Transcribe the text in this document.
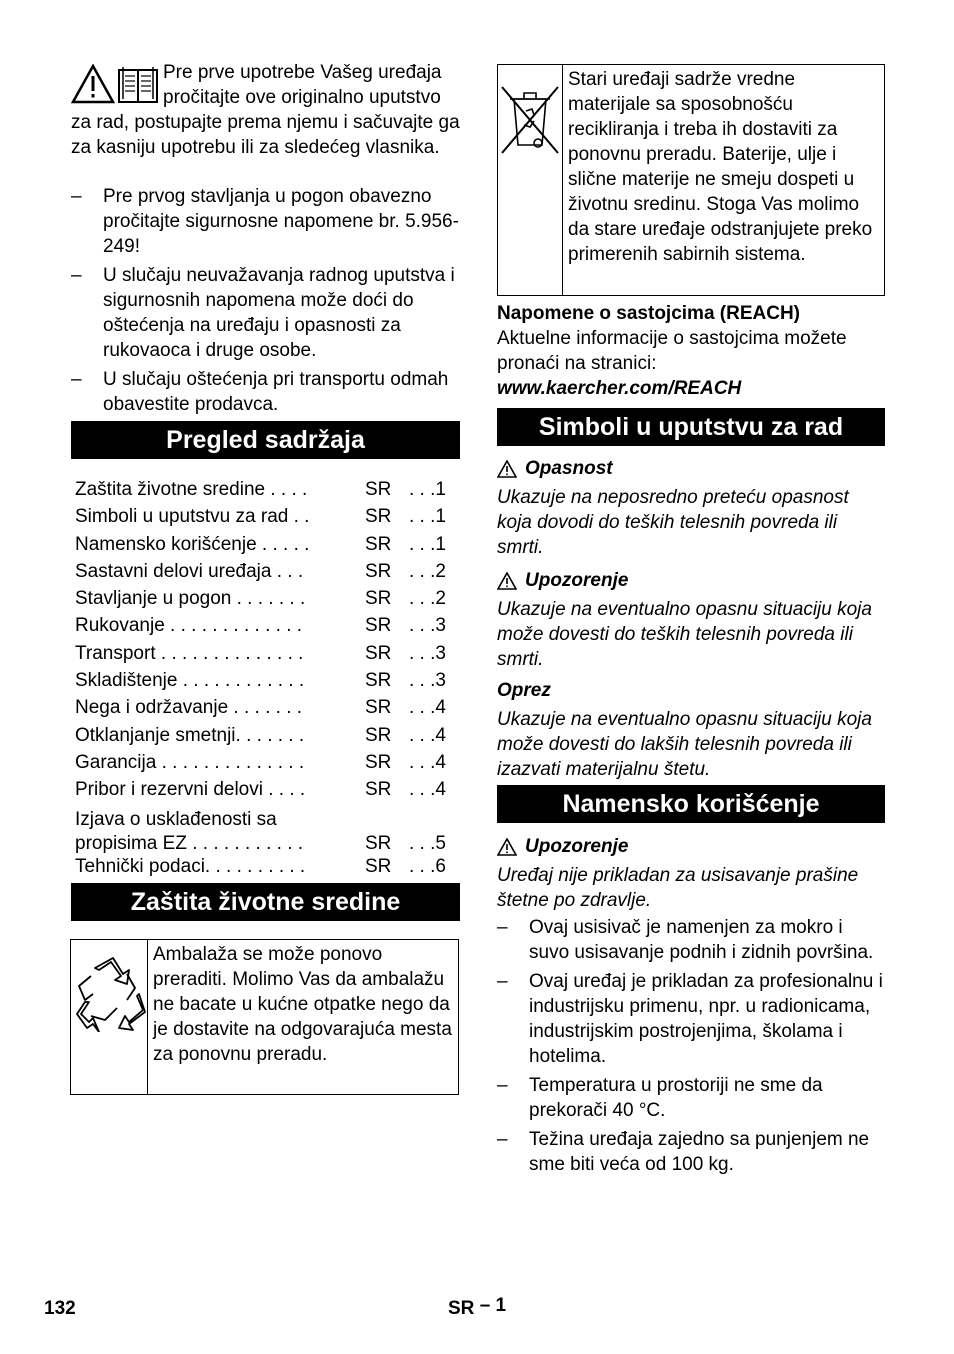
Pre prve upotrebe Vašeg uređaja pročitajte ove originalno uputstvo za rad, postupajte prema njemu i sačuvajte ga za kasniju upotrebu ili za sledećeg vlasnika.

– Pre prvog stavljanja u pogon obavezno pročitajte sigurnosne napomene br. 5.956-249!

– U slučaju neuvažavanja radnog uputstva i sigurnosnih napomena može doći do oštećenja na uređaju i opasnosti za rukovaoca i druge osobe.

– U slučaju oštećenja pri transportu odmah obavestite prodavca.

Pregled sadržaja
Zaštita životne sredine . . . .	SR . . .1
Simboli u uputstvu za rad . .	SR . . .1
Namensko korišćenje . . . . .	SR . . .1
Sastavni delovi uređaja . . .	SR . . .2
Stavljanje u pogon . . . . . . .	SR . . .2
Rukovanje . . . . . . . . . . . . .	SR . . .3
Transport . . . . . . . . . . . . . .	SR . . .3
Skladištenje . . . . . . . . . . . .	SR . . .3
Nega i održavanje . . . . . . .	SR . . .4
Otklanjanje smetnji. . . . . . .	SR . . .4
Garancija . . . . . . . . . . . . . .	SR . . .4
Pribor i rezervni delovi . . . .	SR . . .4
Izjava o usklađenosti sa
propisima EZ . . . . . . . . . . .	SR . . .5
Tehnički podaci. . . . . . . . . .	SR . . .6
Zaštita životne sredine
Ambalaža se može ponovo preraditi. Molimo Vas da ambalažu ne bacate u kućne otpatke nego da je dostavite na odgovarajuća mesta za ponovnu preradu.
Stari uređaji sadrže vredne materijale sa sposobnošću recikliranja i treba ih dostaviti za ponovnu preradu. Baterije, ulje i slične materije ne smeju dospeti u životnu sredinu. Stoga Vas molimo da stare uređaje odstranjujete preko primerenih sabirnih sistema.

Napomene o sastojcima (REACH)

Aktuelne informacije o sastojcima možete pronaći na stranici:

www.kaercher.com/REACH

Simboli u uputstvu za rad
Opasnost

Ukazuje na neposredno preteću opasnost koja dovodi do teških telesnih povreda ili smrti.

Upozorenje

Ukazuje na eventualno opasnu situaciju koja može dovesti do teških telesnih povreda ili smrti.

Oprez

Ukazuje na eventualno opasnu situaciju koja može dovesti do lakših telesnih povreda ili izazvati materijalnu štetu.

Namensko korišćenje
Upozorenje

Uređaj nije prikladan za usisavanje prašine štetne po zdravlje.

– Ovaj usisivač je namenjen za mokro i suvo usisavanje podnih i zidnih površina.

– Ovaj uređaj je prikladan za profesionalnu i industrijsku primenu, npr. u radionicama, industrijskim postrojenjima, školama i hotelima.

– Temperatura u prostoriji ne sme da prekorači 40 °C.

– Težina uređaja zajedno sa punjenjem ne sme biti veća od 100 kg.

132	SR – 1
